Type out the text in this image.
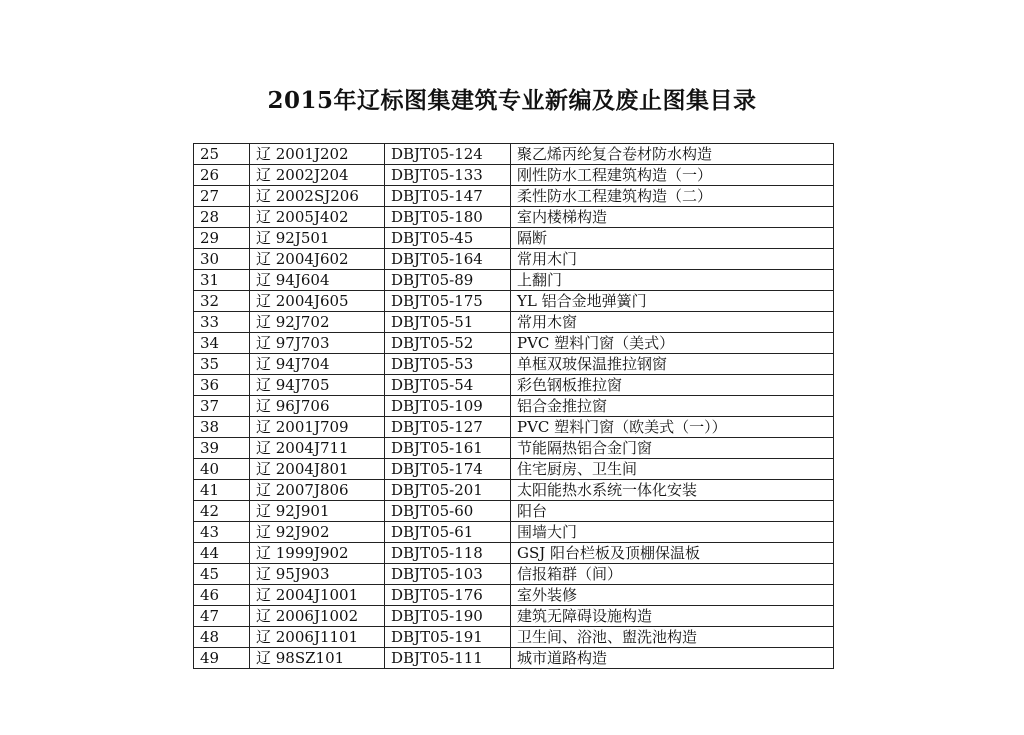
2015年辽标图集建筑专业新编及废止图集目录
25	辽 2001J202	DBJT05-124	聚乙烯丙纶复合卷材防水构造
26	辽 2002J204	DBJT05-133	刚性防水工程建筑构造（一）
27	辽 2002SJ206	DBJT05-147	柔性防水工程建筑构造（二）
28	辽 2005J402	DBJT05-180	室内楼梯构造
29	辽 92J501	DBJT05-45	隔断
30	辽 2004J602	DBJT05-164	常用木门
31	辽 94J604	DBJT05-89	上翻门
32	辽 2004J605	DBJT05-175	YL 铝合金地弹簧门
33	辽 92J702	DBJT05-51	常用木窗
34	辽 97J703	DBJT05-52	PVC 塑料门窗（美式）
35	辽 94J704	DBJT05-53	单框双玻保温推拉钢窗
36	辽 94J705	DBJT05-54	彩色钢板推拉窗
37	辽 96J706	DBJT05-109	铝合金推拉窗
38	辽 2001J709	DBJT05-127	PVC 塑料门窗（欧美式（一））
39	辽 2004J711	DBJT05-161	节能隔热铝合金门窗
40	辽 2004J801	DBJT05-174	住宅厨房、卫生间
41	辽 2007J806	DBJT05-201	太阳能热水系统一体化安装
42	辽 92J901	DBJT05-60	阳台
43	辽 92J902	DBJT05-61	围墙大门
44	辽 1999J902	DBJT05-118	GSJ 阳台栏板及顶棚保温板
45	辽 95J903	DBJT05-103	信报箱群（间）
46	辽 2004J1001	DBJT05-176	室外装修
47	辽 2006J1002	DBJT05-190	建筑无障碍设施构造
48	辽 2006J1101	DBJT05-191	卫生间、浴池、盥洗池构造
49	辽 98SZ101	DBJT05-111	城市道路构造
